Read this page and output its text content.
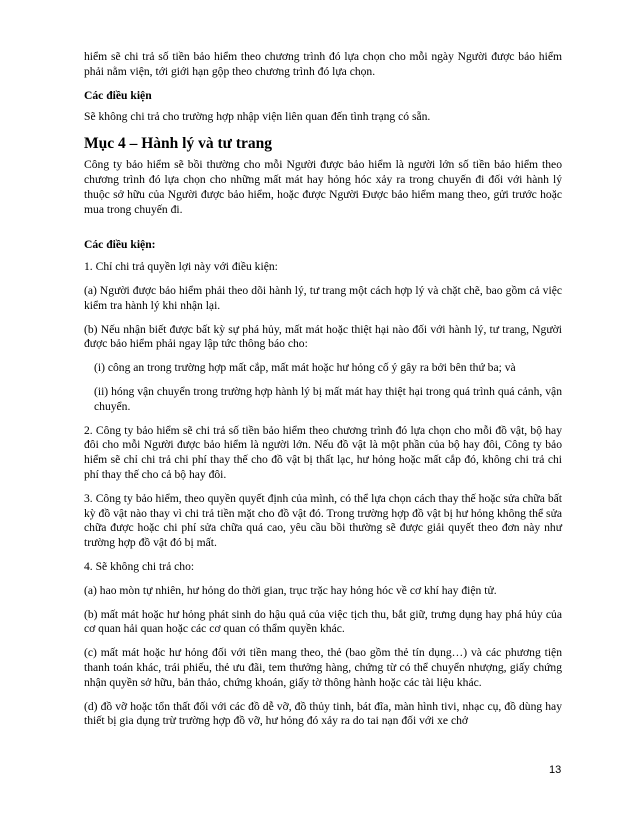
hiểm sẽ chi trả số tiền bảo hiểm theo chương trình đó lựa chọn cho mỗi ngày Người được bảo hiểm phải nằm viện, tới giới hạn gộp theo chương trình đó lựa chọn.

Các điều kiện

Sẽ không chi trả cho trường hợp nhập viện liên quan đến tình trạng có sẵn.

Mục 4 – Hành lý và tư trang

Công ty bảo hiểm sẽ bồi thường cho mỗi Người được bảo hiểm là người lớn số tiền bảo hiểm theo chương trình đó lựa chọn cho những mất mát hay hỏng hóc xảy ra trong chuyến đi đối với hành lý thuộc sở hữu của Người được bảo hiểm, hoặc được Người Được bảo hiểm mang theo, gửi trước hoặc mua trong chuyến đi.

Các điều kiện:

1. Chỉ chi trả quyền lợi này với điều kiện:

(a) Người được bảo hiểm phải theo dõi hành lý, tư trang một cách hợp lý và chặt chẽ, bao gồm cả việc kiểm tra hành lý khi nhận lại.

(b) Nếu nhận biết được bất kỳ sự phá hủy, mất mát hoặc thiệt hại nào đối với hành lý, tư trang, Người được bảo hiểm phải ngay lập tức thông báo cho:

(i) công an trong trường hợp mất cắp, mất mát hoặc hư hỏng cố ý gây ra bởi bên thứ ba; và

(ii) hóng vận chuyển trong trường hợp hành lý bị mất mát hay thiệt hại trong quá trình quá cảnh, vận chuyển.

2. Công ty bảo hiểm sẽ chi trả số tiền bảo hiểm theo chương trình đó lựa chọn cho mỗi đồ vật, bộ hay đôi cho mỗi Người được bảo hiểm là người lớn. Nếu đồ vật là một phần của bộ hay đôi, Công ty bảo hiểm sẽ chỉ chi trả chi phí thay thế cho đồ vật bị thất lạc, hư hỏng hoặc mất cắp đó, không chi trả chi phí thay thế cho cả bộ hay đôi.

3. Công ty bảo hiểm, theo quyền quyết định của mình, có thể lựa chọn cách thay thế hoặc sửa chữa bất kỳ đồ vật nào thay vì chi trả tiền mặt cho đồ vật đó. Trong trường hợp đồ vật bị hư hỏng không thể sửa chữa được hoặc chi phí sửa chữa quá cao, yêu cầu bồi thường sẽ được giải quyết theo đơn này như trường hợp đồ vật đó bị mất.

4. Sẽ không chi trả cho:

(a) hao mòn tự nhiên, hư hỏng do thời gian, trục trặc hay hỏng hóc về cơ khí hay điện tử.

(b) mất mát hoặc hư hỏng phát sinh do hậu quả của việc tịch thu, bắt giữ, trưng dụng hay phá hủy của cơ quan hải quan hoặc các cơ quan có thẩm quyền khác.

(c) mất mát hoặc hư hỏng đối với tiền mang theo, thẻ (bao gồm thẻ tín dụng…) và các phương tiện thanh toán khác, trái phiếu, thẻ ưu đãi, tem thưởng hàng, chứng từ có thể chuyển nhượng, giấy chứng nhận quyền sở hữu, bản thảo, chứng khoán, giấy tờ thông hành hoặc các tài liệu khác.

(d) đồ vỡ hoặc tổn thất đối với các đồ dễ vỡ, đồ thủy tinh, bát đĩa, màn hình tivi, nhạc cụ, đồ dùng hay thiết bị gia dụng trừ trường hợp đồ vỡ, hư hỏng đó xảy ra do tai nạn đối với xe chở

13
